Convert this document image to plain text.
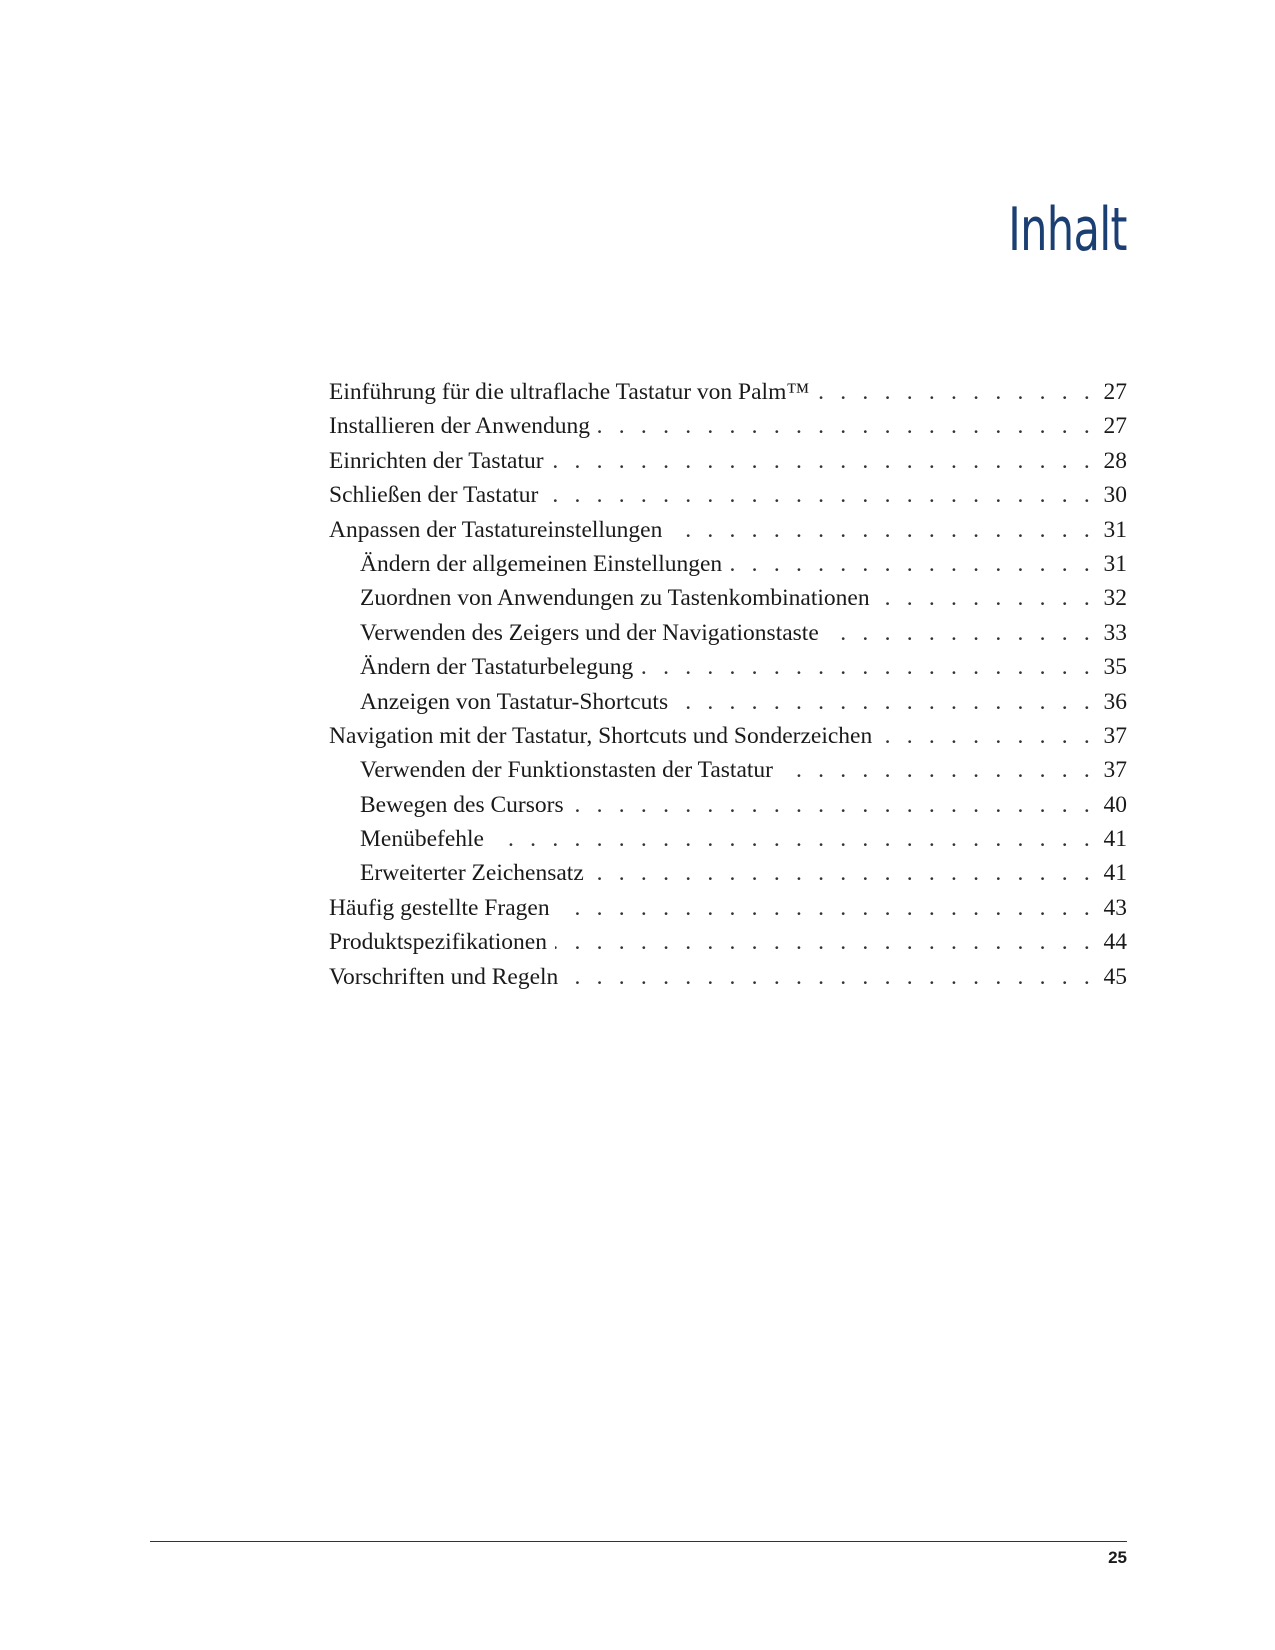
Inhalt
Einführung für die ultraflache Tastatur von Palm™ . . .	27
Installieren der Anwendung . . .	27
Einrichten der Tastatur . . .	28
Schließen der Tastatur . . .	30
Anpassen der Tastatureinstellungen . . .	31
Ändern der allgemeinen Einstellungen . . .	31
Zuordnen von Anwendungen zu Tastenkombinationen . . .	32
Verwenden des Zeigers und der Navigationstaste . . .	33
Ändern der Tastaturbelegung . . .	35
Anzeigen von Tastatur-Shortcuts . . .	36
Navigation mit der Tastatur, Shortcuts und Sonderzeichen . . .	37
Verwenden der Funktionstasten der Tastatur . . .	37
Bewegen des Cursors . . .	40
Menübefehle . . .	41
Erweiterter Zeichensatz . . .	41
Häufig gestellte Fragen . . .	43
Produktspezifikationen . . .	44
Vorschriften und Regeln . . .	45
25
